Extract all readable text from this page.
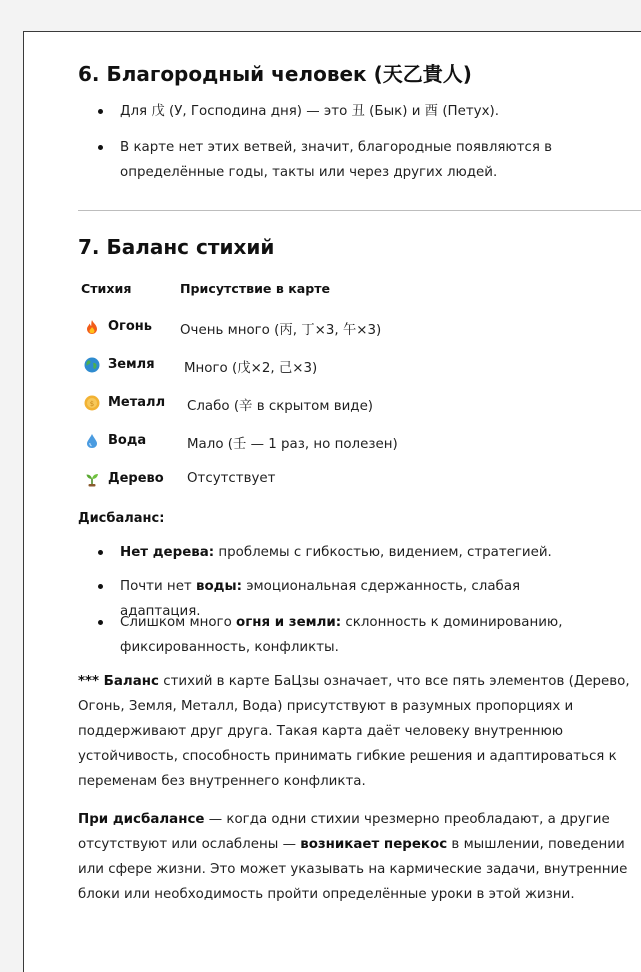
6. Благородный человек (天乙貴人)
Для 戊 (У, Господина дня) — это 丑 (Бык) и 酉 (Петух).
В карте нет этих ветвей, значит, благородные появляются в определённые годы, такты или через других людей.
7. Баланс стихий
Стихия	Присутствие в карте
Огонь Очень много (丙, 丁×3, 午×3)
Земля Много (戊×2, 己×3)
$ Металл Слабо (辛 в скрытом виде)
Вода	Мало (壬 — 1 раз, но полезен)
Дерево Отсутствует
Дисбаланс:
Нет дерева: проблемы с гибкостью, видением, стратегией.
Почти нет воды: эмоциональная сдержанность, слабая адаптация.
Слишком много огня и земли: склонность к доминированию, фиксированность, конфликты.
*** Баланс стихий в карте БаЦзы означает, что все пять элементов (Дерево, Огонь, Земля, Металл, Вода) присутствуют в разумных пропорциях и поддерживают друг друга. Такая карта даёт человеку внутреннюю устойчивость, способность принимать гибкие решения и адаптироваться к переменам без внутреннего конфликта.
При дисбалансе — когда одни стихии чрезмерно преобладают, а другие отсутствуют или ослаблены — возникает перекос в мышлении, поведении или сфере жизни. Это может указывать на кармические задачи, внутренние блоки или необходимость пройти определённые уроки в этой жизни.
